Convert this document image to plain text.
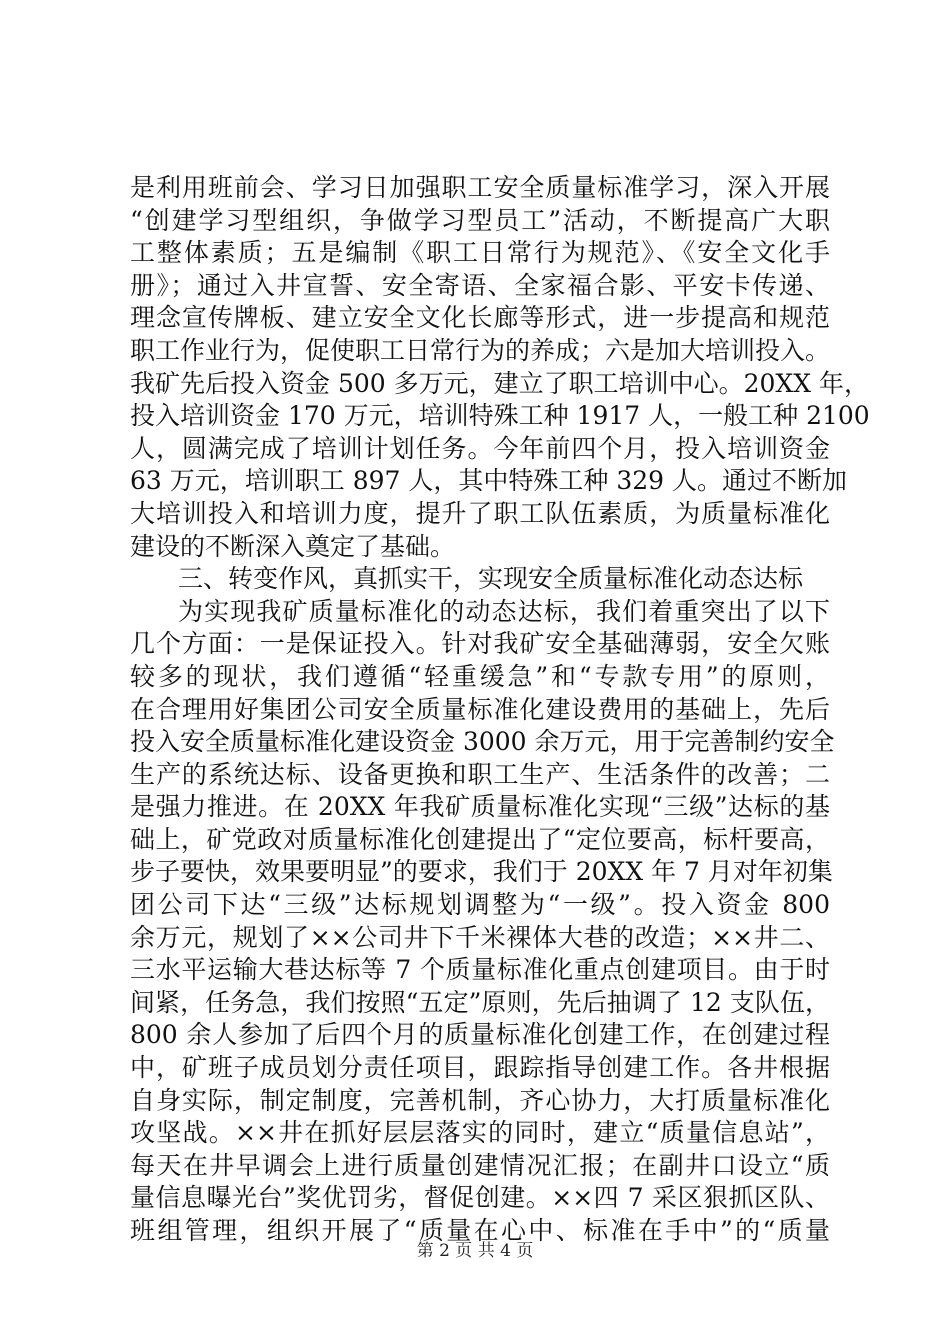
是利用班前会、学习日加强职工安全质量标准学习，深入开展
“创建学习型组织，争做学习型员工”活动，不断提高广大职
工整体素质；五是编制《职工日常行为规范》、《安全文化手
册》；通过入井宣誓、安全寄语、全家福合影、平安卡传递、
理念宣传牌板、建立安全文化长廊等形式，进一步提高和规范
职工作业行为，促使职工日常行为的养成；六是加大培训投入。
我矿先后投入资金 500 多万元，建立了职工培训中心。20XX 年，
投入培训资金 170 万元，培训特殊工种 1917 人，一般工种 2100
人，圆满完成了培训计划任务。今年前四个月，投入培训资金
63 万元，培训职工 897 人，其中特殊工种 329 人。通过不断加
大培训投入和培训力度，提升了职工队伍素质，为质量标准化
建设的不断深入奠定了基础。
三、转变作风，真抓实干，实现安全质量标准化动态达标
为实现我矿质量标准化的动态达标，我们着重突出了以下
几个方面：一是保证投入。针对我矿安全基础薄弱，安全欠账
较多的现状，我们遵循“轻重缓急”和“专款专用”的原则，
在合理用好集团公司安全质量标准化建设费用的基础上，先后
投入安全质量标准化建设资金 3000 余万元，用于完善制约安全
生产的系统达标、设备更换和职工生产、生活条件的改善；二
是强力推进。在 20XX 年我矿质量标准化实现“三级”达标的基
础上，矿党政对质量标准化创建提出了“定位要高，标杆要高，
步子要快，效果要明显”的要求，我们于 20XX 年 7 月对年初集
团公司下达“三级”达标规划调整为“一级”。投入资金 800
余万元，规划了××公司井下千米裸体大巷的改造；××井二、
三水平运输大巷达标等 7 个质量标准化重点创建项目。由于时
间紧，任务急，我们按照“五定”原则，先后抽调了 12 支队伍，
800 余人参加了后四个月的质量标准化创建工作，在创建过程
中，矿班子成员划分责任项目，跟踪指导创建工作。各井根据
自身实际，制定制度，完善机制，齐心协力，大打质量标准化
攻坚战。××井在抓好层层落实的同时，建立“质量信息站”，
每天在井早调会上进行质量创建情况汇报；在副井口设立“质
量信息曝光台”奖优罚劣，督促创建。××四 7 采区狠抓区队、
班组管理，组织开展了“质量在心中、标准在手中”的“质量
第 2 页 共 4 页
